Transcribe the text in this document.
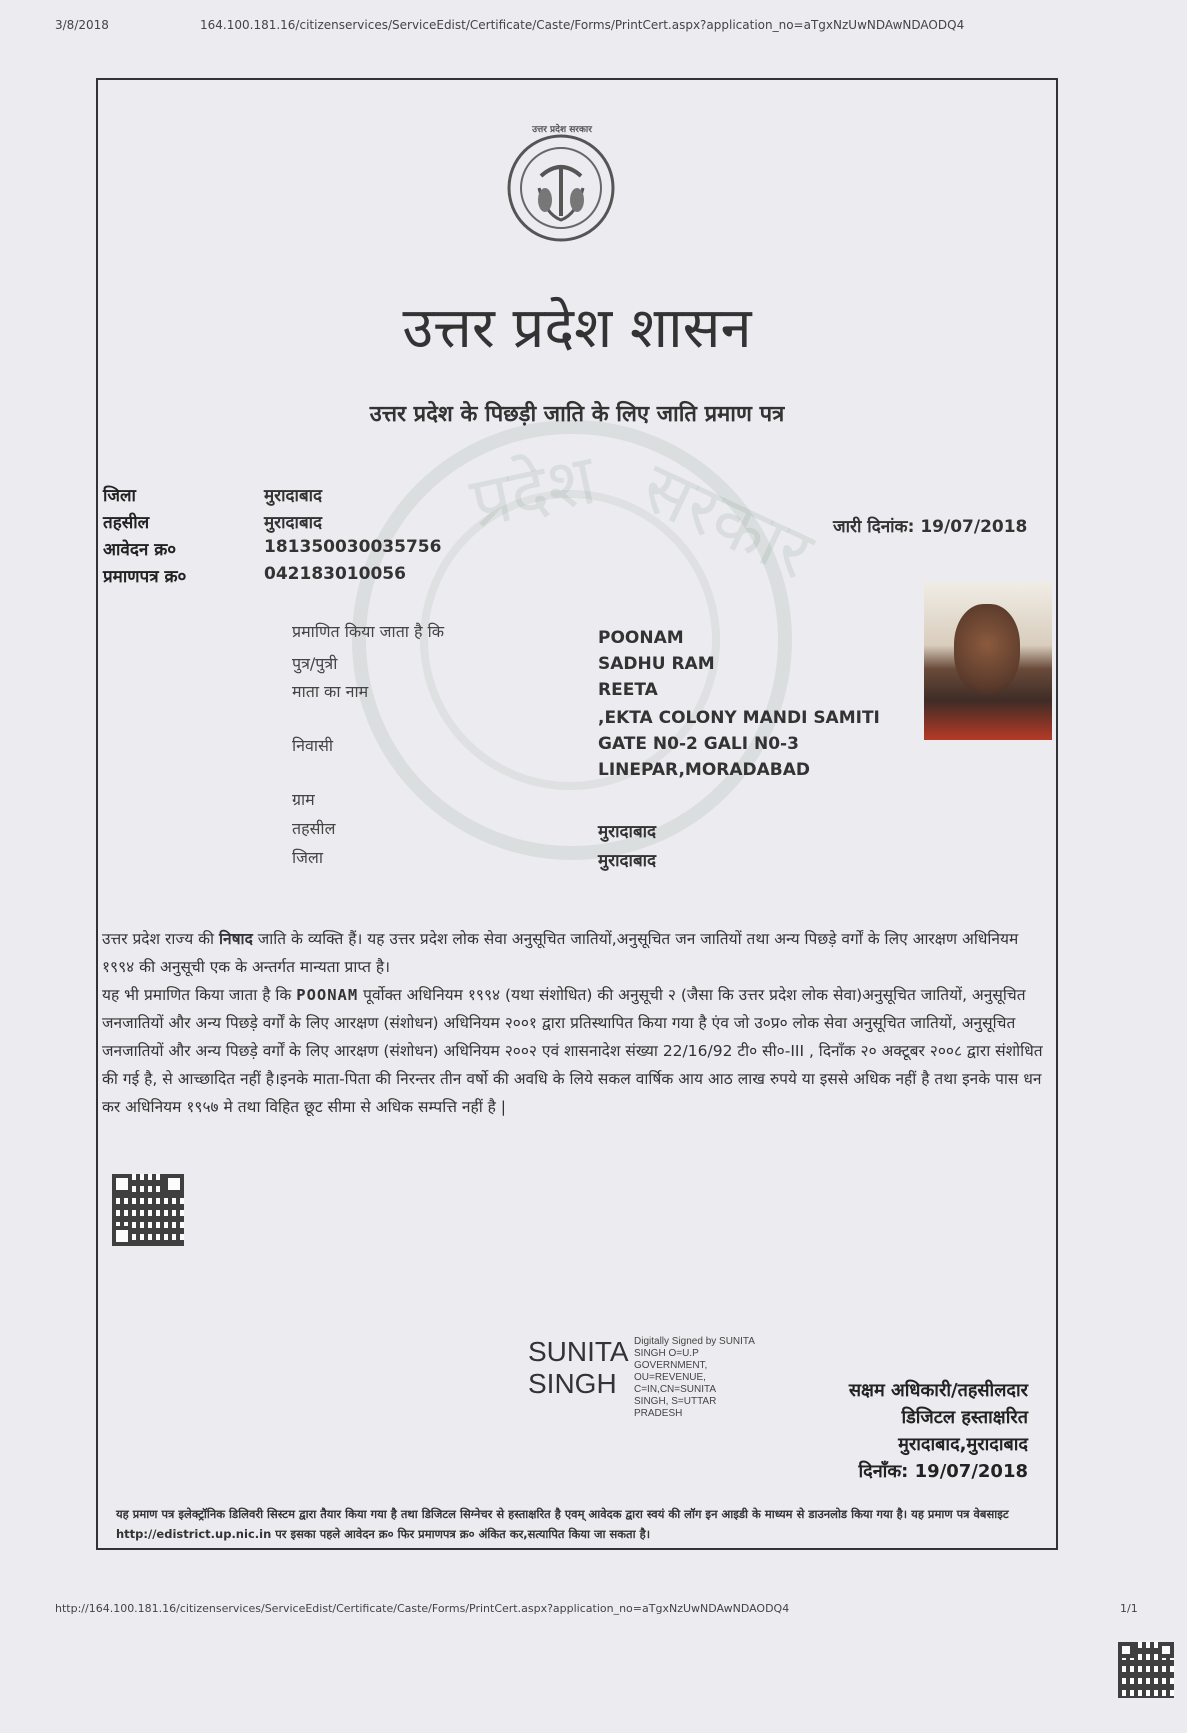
3/8/2018	164.100.181.16/citizenservices/ServiceEdist/Certificate/Caste/Forms/PrintCert.aspx?application_no=aTgxNzUwNDAwNDAODQ4
प्रदेश सरकार
उत्तर प्रदेश सरकार
उत्तर प्रदेश शासन
उत्तर प्रदेश के पिछड़ी जाति के लिए जाति प्रमाण पत्र
जिला	मुरादाबाद
तहसील	मुरादाबाद
आवेदन क्र०	181350030035756
प्रमाणपत्र क्र०	042183010056
जारी दिनांक: 19/07/2018
प्रमाणित किया जाता है कि	POONAM
पुत्र/पुत्री	SADHU RAM
माता का नाम	REETA
,EKTA COLONY MANDI SAMITI
निवासी	GATE N0-2 GALI N0-3
LINEPAR,MORADABAD
ग्राम
तहसील	मुरादाबाद
जिला	मुरादाबाद
उत्तर प्रदेश राज्य की निषाद जाति के व्यक्ति हैं। यह उत्तर प्रदेश लोक सेवा अनुसूचित जातियों,अनुसूचित जन जातियों तथा अन्य पिछड़े वर्गों के लिए आरक्षण अधिनियम १९९४ की अनुसूची एक के अन्तर्गत मान्यता प्राप्त है।
यह भी प्रमाणित किया जाता है कि POONAM पूर्वोक्त अधिनियम १९९४ (यथा संशोधित) की अनुसूची २ (जैसा कि उत्तर प्रदेश लोक सेवा)अनुसूचित जातियों, अनुसूचित जनजातियों और अन्य पिछड़े वर्गों के लिए आरक्षण (संशोधन) अधिनियम २००१ द्वारा प्रतिस्थापित किया गया है एंव जो उ०प्र० लोक सेवा अनुसूचित जातियों, अनुसूचित जनजातियों और अन्य पिछड़े वर्गों के लिए आरक्षण (संशोधन) अधिनियम २००२ एवं शासनादेश संख्या 22/16/92 टी० सी०-III , दिनाँक २० अक्टूबर २००८ द्वारा संशोधित की गई है, से आच्छादित नहीं है।इनके माता-पिता की निरन्तर तीन वर्षो की अवधि के लिये सकल वार्षिक आय आठ लाख रुपये या इससे अधिक नहीं है तथा इनके पास धन कर अधिनियम १९५७ मे तथा विहित छूट सीमा से अधिक सम्पत्ति नहीं है |
SUNITA
SINGH
Digitally Signed by SUNITA
SINGH O=U.P
GOVERNMENT,
OU=REVENUE,
C=IN,CN=SUNITA
SINGH, S=UTTAR
PRADESH
सक्षम अधिकारी/तहसीलदार
डिजिटल हस्ताक्षरित
मुरादाबाद,मुरादाबाद
दिनाँक: 19/07/2018
यह प्रमाण पत्र इलेक्ट्रॉनिक डिलिवरी सिस्टम द्वारा तैयार किया गया है तथा डिजिटल सिग्नेचर से हस्ताक्षरित है एवम् आवेदक द्वारा स्वयं की लॉग इन आइडी के माध्यम से डाउनलोड किया गया है। यह प्रमाण पत्र वेबसाइट http://edistrict.up.nic.in पर इसका पहले आवेदन क्र० फिर प्रमाणपत्र क्र० अंकित कर,सत्यापित किया जा सकता है।
http://164.100.181.16/citizenservices/ServiceEdist/Certificate/Caste/Forms/PrintCert.aspx?application_no=aTgxNzUwNDAwNDAODQ4	1/1
